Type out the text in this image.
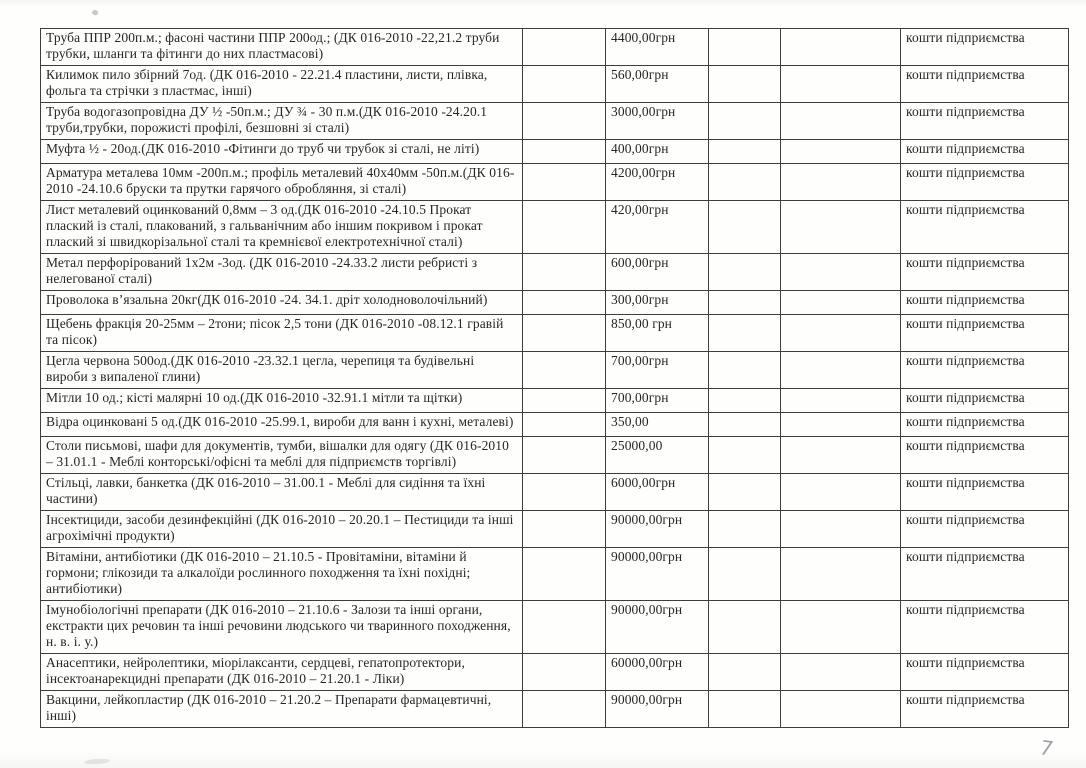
Труба ППР 200п.м.; фасоні частини ППР 200од.; (ДК 016-2010 -22,21.2 труби трубки, шланги та фітинги до них пластмасові)		4400,00грн			кошти підприємства
Килимок пило збірний 7од. (ДК 016-2010 - 22.21.4 пластини, листи, плівка, фольга та стрічки з пластмас, інші)		560,00грн			кошти підприємства
Труба водогазопровідна ДУ ½ -50п.м.; ДУ ¾ - 30 п.м.(ДК 016-2010 -24.20.1 труби,трубки, порожисті профілі, безшовні зі сталі)		3000,00грн			кошти підприємства
Муфта ½ - 20од.(ДК 016-2010 -Фітинги до труб чи трубок зі сталі, не літі)		400,00грн			кошти підприємства
Арматура металева 10мм -200п.м.; профіль металевий 40х40мм -50п.м.(ДК 016-2010 -24.10.6 бруски та прутки гарячого обробляння, зі сталі)		4200,00грн			кошти підприємства
Лист металевий оцинкований 0,8мм – 3 од.(ДК 016-2010 -24.10.5 Прокат плаский із сталі, плакований, з гальванічним або іншим покривом і прокат плаский зі швидкорізальної сталі та кремнієвої електротехнічної сталі)		420,00грн			кошти підприємства
Метал перфорірований 1х2м -3од. (ДК 016-2010 -24.33.2 листи ребристі з нелегованої сталі)		600,00грн			кошти підприємства
Проволока в’язальна 20кг(ДК 016-2010 -24. 34.1. дріт холодноволочільний)		300,00грн			кошти підприємства
Щебень фракція 20-25мм – 2тони; пісок 2,5 тони (ДК 016-2010 -08.12.1 гравій та пісок)		850,00 грн			кошти підприємства
Цегла червона 500од.(ДК 016-2010 -23.32.1 цегла, черепиця та будівельні вироби з випаленої глини)		700,00грн			кошти підприємства
Мітли 10 од.; кісті малярні 10 од.(ДК 016-2010 -32.91.1 мітли та щітки)		700,00грн			кошти підприємства
Відра оцинковані 5 од.(ДК 016-2010 -25.99.1, вироби для ванн і кухні, металеві)		350,00			кошти підприємства
Столи письмові, шафи для документів, тумби, вішалки для одягу (ДК 016-2010 – 31.01.1 - Меблі конторські/офісні та меблі для підприємств торгівлі)		25000,00			кошти підприємства
Стільці, лавки, банкетка (ДК 016-2010 – 31.00.1 - Меблі для сидіння та їхні частини)		6000,00грн			кошти підприємства
Інсектициди, засоби дезинфекційні (ДК 016-2010 – 20.20.1 – Пестициди та інші агрохімічні продукти)		90000,00грн			кошти підприємства
Вітаміни, антибіотики (ДК 016-2010 – 21.10.5 - Провітаміни, вітаміни й гормони; глікозиди та алкалоїди рослинного походження та їхні похідні; антибіотики)		90000,00грн			кошти підприємства
Імунобіологічні препарати (ДК 016-2010 – 21.10.6 - Залози та інші органи, екстракти цих речовин та інші речовини людського чи тваринного походження, н. в. і. у.)		90000,00грн			кошти підприємства
Анасептики, нейролептики, міорілаксанти, сердцеві, гепатопротектори, інсектоанарекцидні препарати (ДК 016-2010 – 21.20.1 - Ліки)		60000,00грн			кошти підприємства
Вакцини, лейкопластир (ДК 016-2010 – 21.20.2 – Препарати фармацевтичні, інші)		90000,00грн			кошти підприємства
7
